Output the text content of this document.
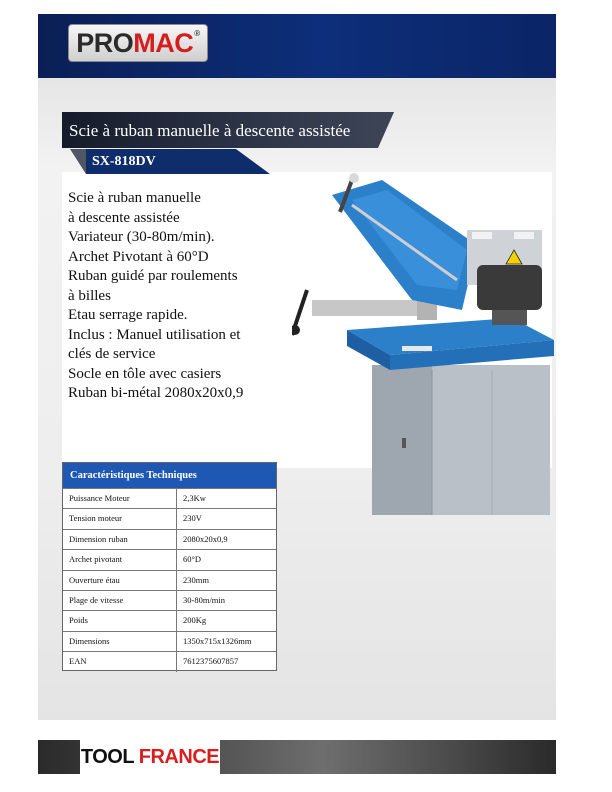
PRO MAC ®
Scie à ruban manuelle à descente assistée
SX-818DV
Scie à ruban manuelle
à descente assistée
Variateur (30-80m/min).
Archet Pivotant à 60°D
Ruban guidé par roulements
à billes
Etau serrage rapide.
Inclus : Manuel utilisation et
clés de service
Socle en tôle avec casiers
Ruban bi-métal 2080x20x0,9
Caractéristiques Techniques
Puissance Moteur	2,3Kw
Tension moteur	230V
Dimension ruban	2080x20x0,9
Archet pivotant	60°D
Ouverture étau	230mm
Plage de vitesse	30-80m/min
Poids	200Kg
Dimensions	1350x715x1326mm
EAN	7612375607857
TOOL FRANCE
